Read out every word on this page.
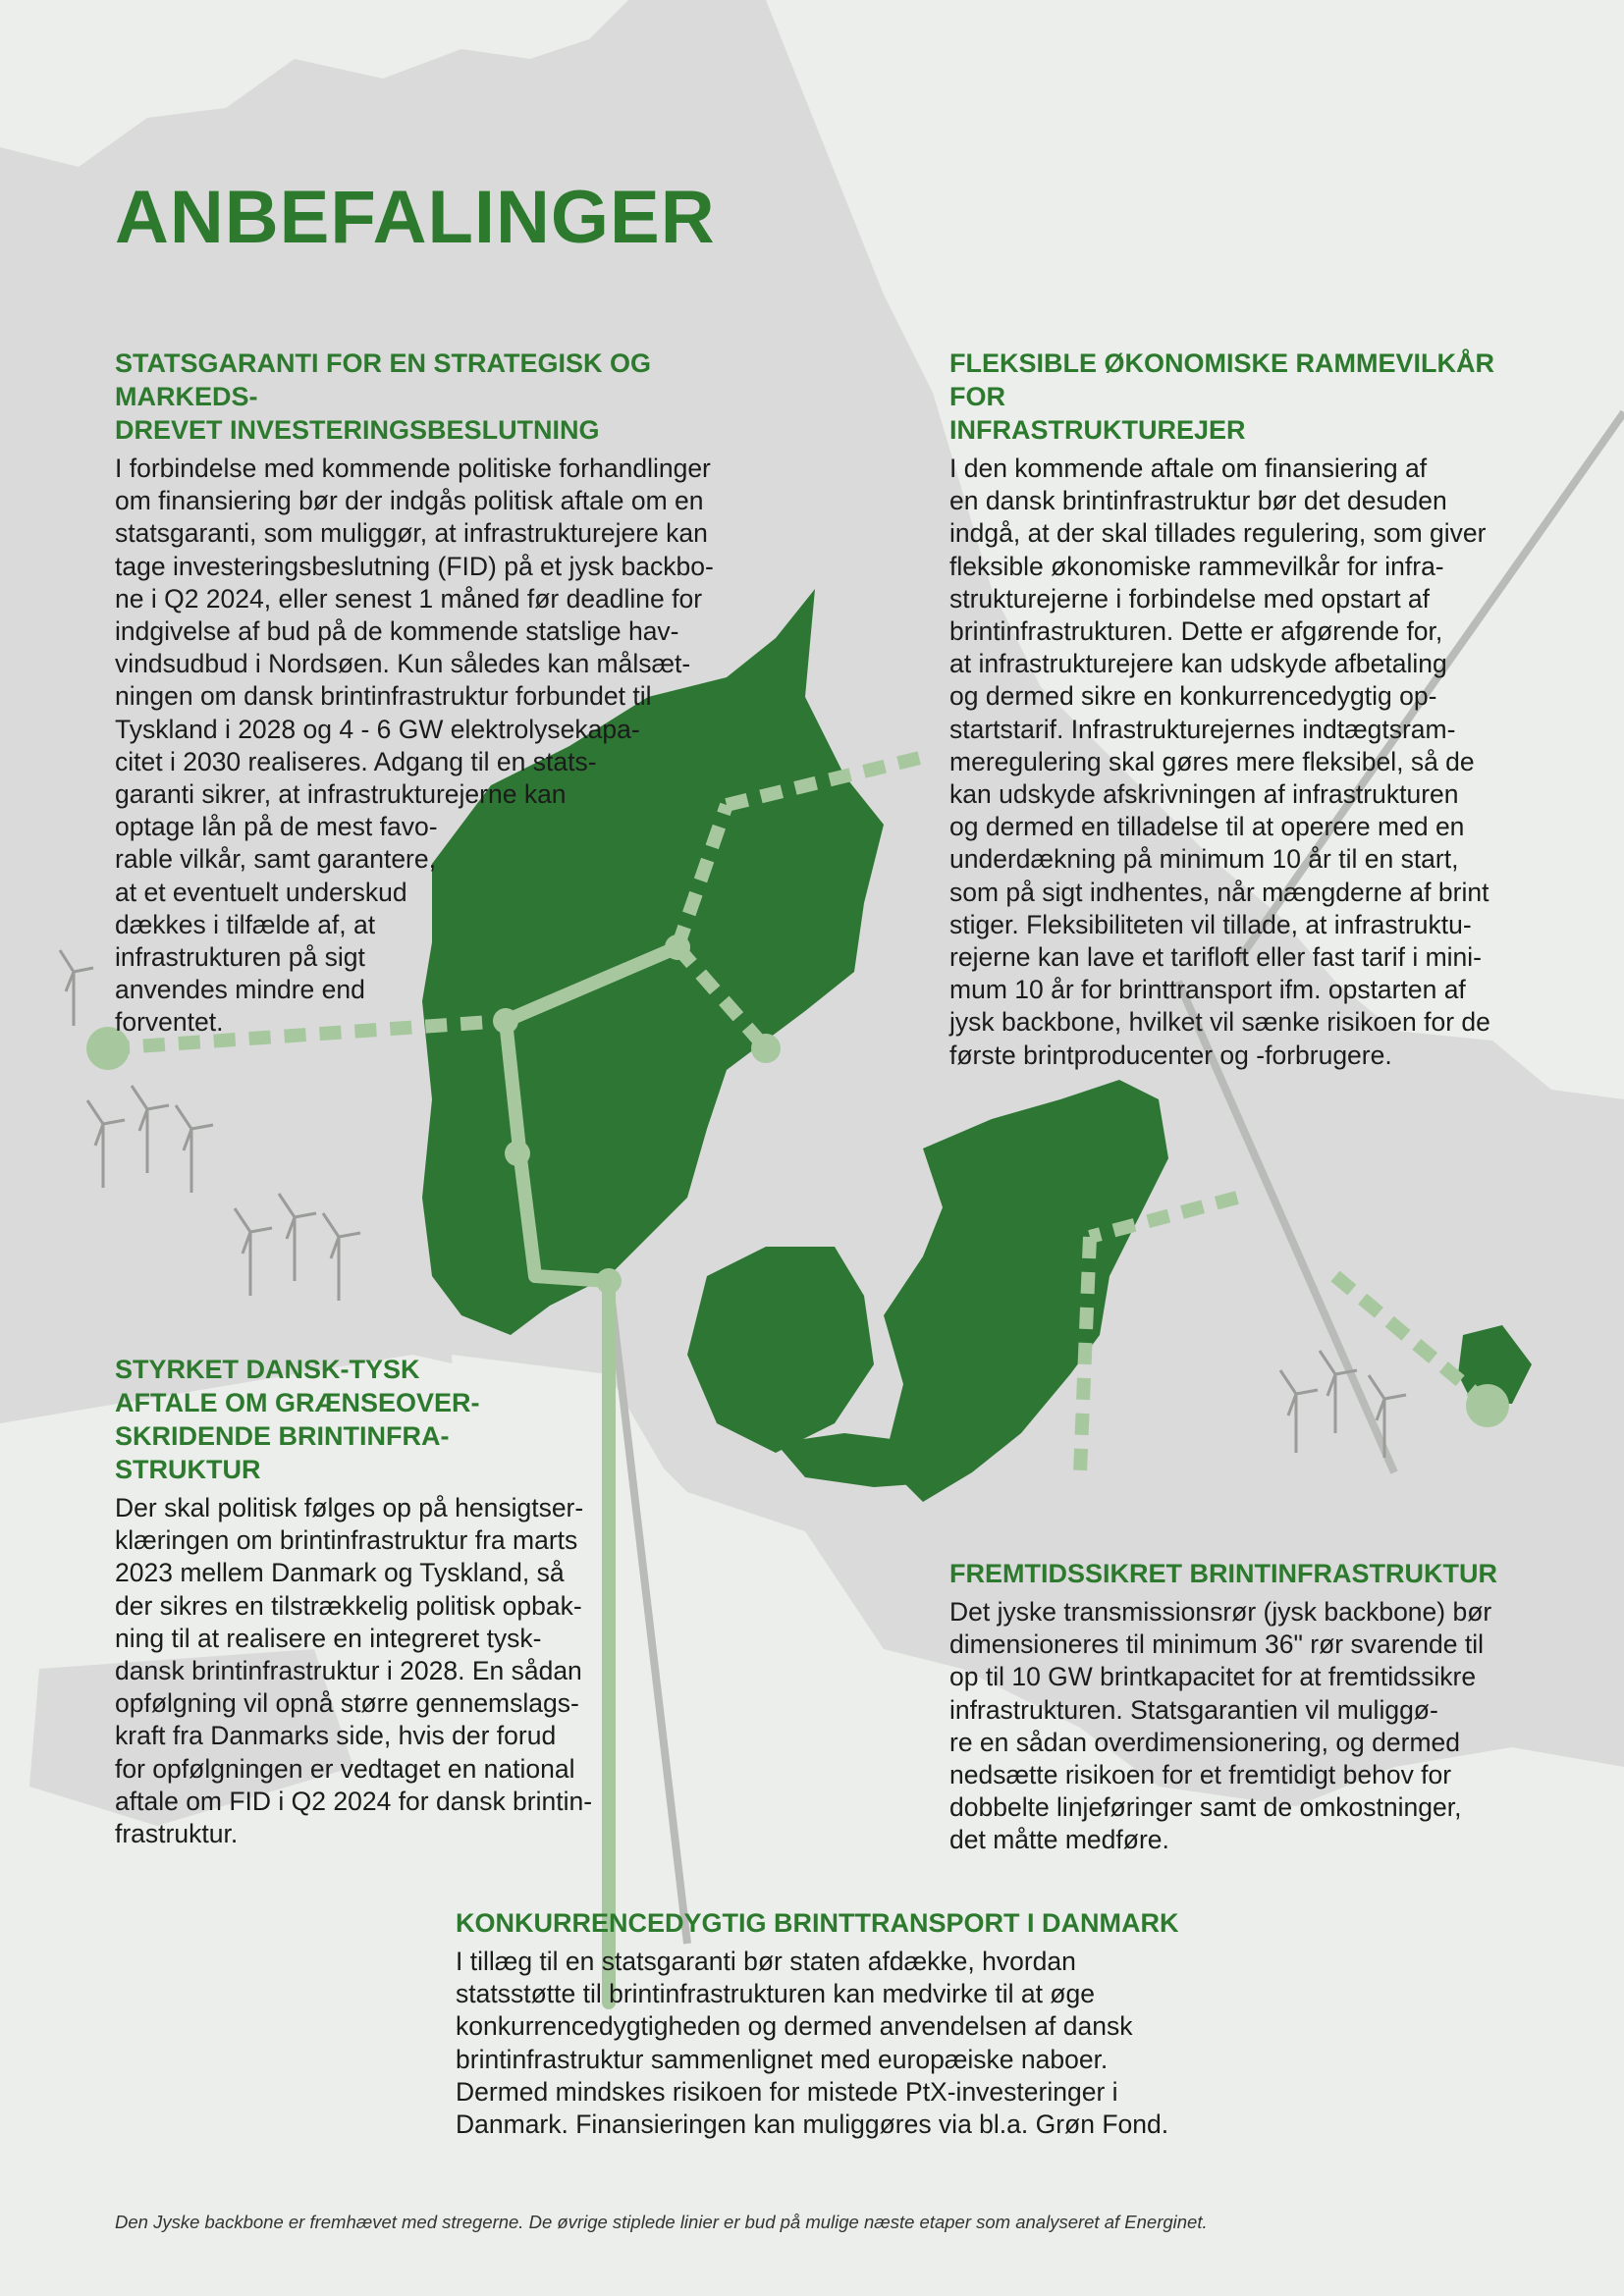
ANBEFALINGER
STATSGARANTI FOR EN STRATEGISK OG MARKEDS-
DREVET INVESTERINGSBESLUTNING

I forbindelse med kommende politiske forhandlinger
om finansiering bør der indgås politisk aftale om en
statsgaranti, som muliggør, at infrastrukturejere kan
tage investeringsbeslutning (FID) på et jysk backbo-
ne i Q2 2024, eller senest 1 måned før deadline for
indgivelse af bud på de kommende statslige hav-
vindsudbud i Nordsøen. Kun således kan målsæt-
ningen om dansk brintinfrastruktur forbundet til
Tyskland i 2028 og 4 - 6 GW elektrolysekapa-
citet i 2030 realiseres. Adgang til en stats-
garanti sikrer, at infrastrukturejerne kan
optage lån på de mest favo-
rable vilkår, samt garantere,
at et eventuelt underskud
dækkes i tilfælde af, at
infrastrukturen på sigt
anvendes mindre end
forventet.

FLEKSIBLE ØKONOMISKE RAMMEVILKÅR FOR
INFRASTRUKTUREJER

I den kommende aftale om finansiering af
en dansk brintinfrastruktur bør det desuden
indgå, at der skal tillades regulering, som giver
fleksible økonomiske rammevilkår for infra-
strukturejerne i forbindelse med opstart af
brintinfrastrukturen. Dette er afgørende for,
at infrastrukturejere kan udskyde afbetaling
og dermed sikre en konkurrencedygtig op-
startstarif. Infrastrukturejernes indtægtsram-
meregulering skal gøres mere fleksibel, så de
kan udskyde afskrivningen af infrastrukturen
og dermed en tilladelse til at operere med en
underdækning på minimum 10 år til en start,
som på sigt indhentes, når mængderne af brint
stiger. Fleksibiliteten vil tillade, at infrastruktu-
rejerne kan lave et tarifloft eller fast tarif i mini-
mum 10 år for brinttransport ifm. opstarten af
jysk backbone, hvilket vil sænke risikoen for de
første brintproducenter og -forbrugere.

STYRKET DANSK-TYSK
AFTALE OM GRÆNSEOVER-
SKRIDENDE BRINTINFRA-
STRUKTUR

Der skal politisk følges op på hensigtser-
klæringen om brintinfrastruktur fra marts
2023 mellem Danmark og Tyskland, så
der sikres en tilstrækkelig politisk opbak-
ning til at realisere en integreret tysk-
dansk brintinfrastruktur i 2028. En sådan
opfølgning vil opnå større gennemslags-
kraft fra Danmarks side, hvis der forud
for opfølgningen er vedtaget en national
aftale om FID i Q2 2024 for dansk brintin-
frastruktur.

FREMTIDSSIKRET BRINTINFRASTRUKTUR

Det jyske transmissionsrør (jysk backbone) bør
dimensioneres til minimum 36" rør svarende til
op til 10 GW brintkapacitet for at fremtidssikre
infrastrukturen. Statsgarantien vil muliggø-
re en sådan overdimensionering, og dermed
nedsætte risikoen for et fremtidigt behov for
dobbelte linjeføringer samt de omkostninger,
det måtte medføre.

KONKURRENCEDYGTIG BRINTTRANSPORT I DANMARK

I tillæg til en statsgaranti bør staten afdække, hvordan
statsstøtte til brintinfrastrukturen kan medvirke til at øge
konkurrencedygtigheden og dermed anvendelsen af dansk
brintinfrastruktur sammenlignet med europæiske naboer.
Dermed mindskes risikoen for mistede PtX-investeringer i
Danmark. Finansieringen kan muliggøres via bl.a. Grøn Fond.

Den Jyske backbone er fremhævet med stregerne. De øvrige stiplede linier er bud på mulige næste etaper som analyseret af Energinet.
